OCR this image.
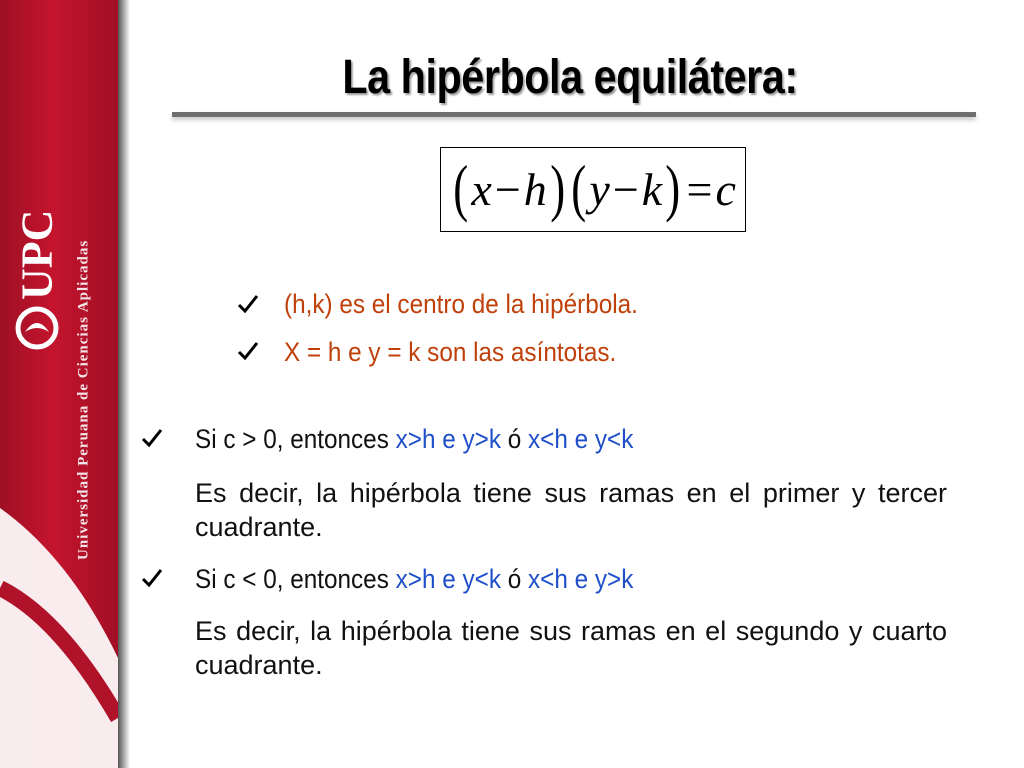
Universidad Peruana de Ciencias Aplicadas
UPC
La hipérbola equilátera:
( x − h ) ( y − k ) = c
(h,k) es el centro de la hipérbola.
X = h e y = k son las asíntotas.
Si c > 0, entonces x>h e y>k ó x<h e y<k
Es decir, la hipérbola tiene sus ramas en el primer y tercer cuadrante.
Si c < 0, entonces x>h e y<k ó x<h e y>k
Es decir, la hipérbola tiene sus ramas en el segundo y cuarto cuadrante.
